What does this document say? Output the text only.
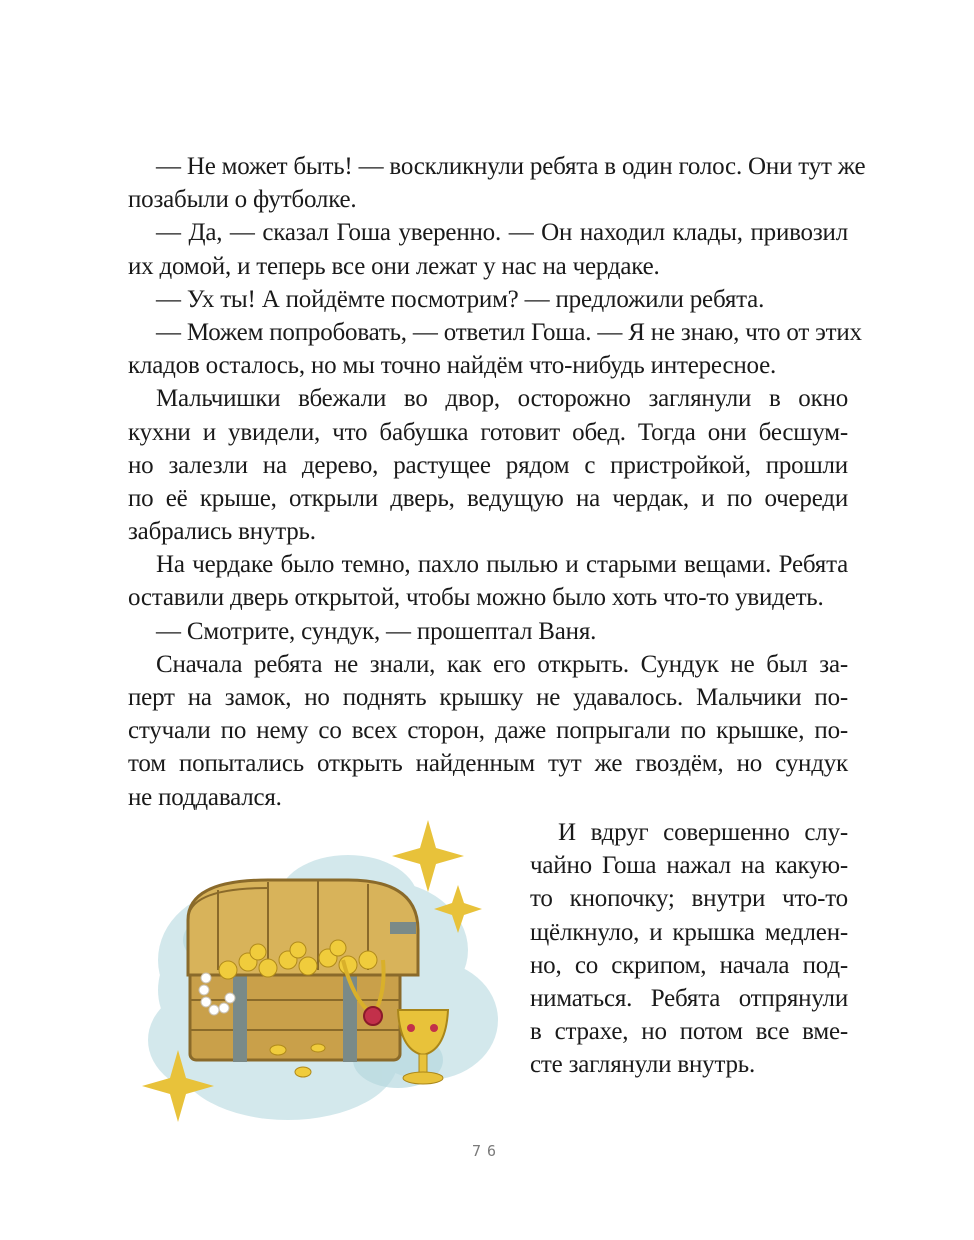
— Не может быть! — воскликнули ребята в один голос. Они тут же
позабыли о футболке.
— Да, — сказал Гоша уверенно. — Он находил клады, привозил
их домой, и теперь все они лежат у нас на чердаке.
— Ух ты! А пойдёмте посмотрим? — предложили ребята.
— Можем попробовать, — ответил Гоша. — Я не знаю, что от этих
кладов осталось, но мы точно найдём что-нибудь интересное.
Мальчишки вбежали во двор, осторожно заглянули в окно
кухни и увидели, что бабушка готовит обед. Тогда они бесшум-
но залезли на дерево, растущее рядом с пристройкой, прошли
по её крыше, открыли дверь, ведущую на чердак, и по очереди
забрались внутрь.
На чердаке было темно, пахло пылью и старыми вещами. Ребята
оставили дверь открытой, чтобы можно было хоть что-то увидеть.
— Смотрите, сундук, — прошептал Ваня.
Сначала ребята не знали, как его открыть. Сундук не был за-
перт на замок, но поднять крышку не удавалось. Мальчики по-
стучали по нему со всех сторон, даже попрыгали по крышке, по-
том попытались открыть найденным тут же гвоздём, но сундук
не поддавался.
И вдруг совершенно слу-
чайно Гоша нажал на какую-
то кнопочку; внутри что-то
щёлкнуло, и крышка медлен-
но, со скрипом, начала под-
ниматься. Ребята отпрянули
в страхе, но потом все вме-
сте заглянули внутрь.
76
